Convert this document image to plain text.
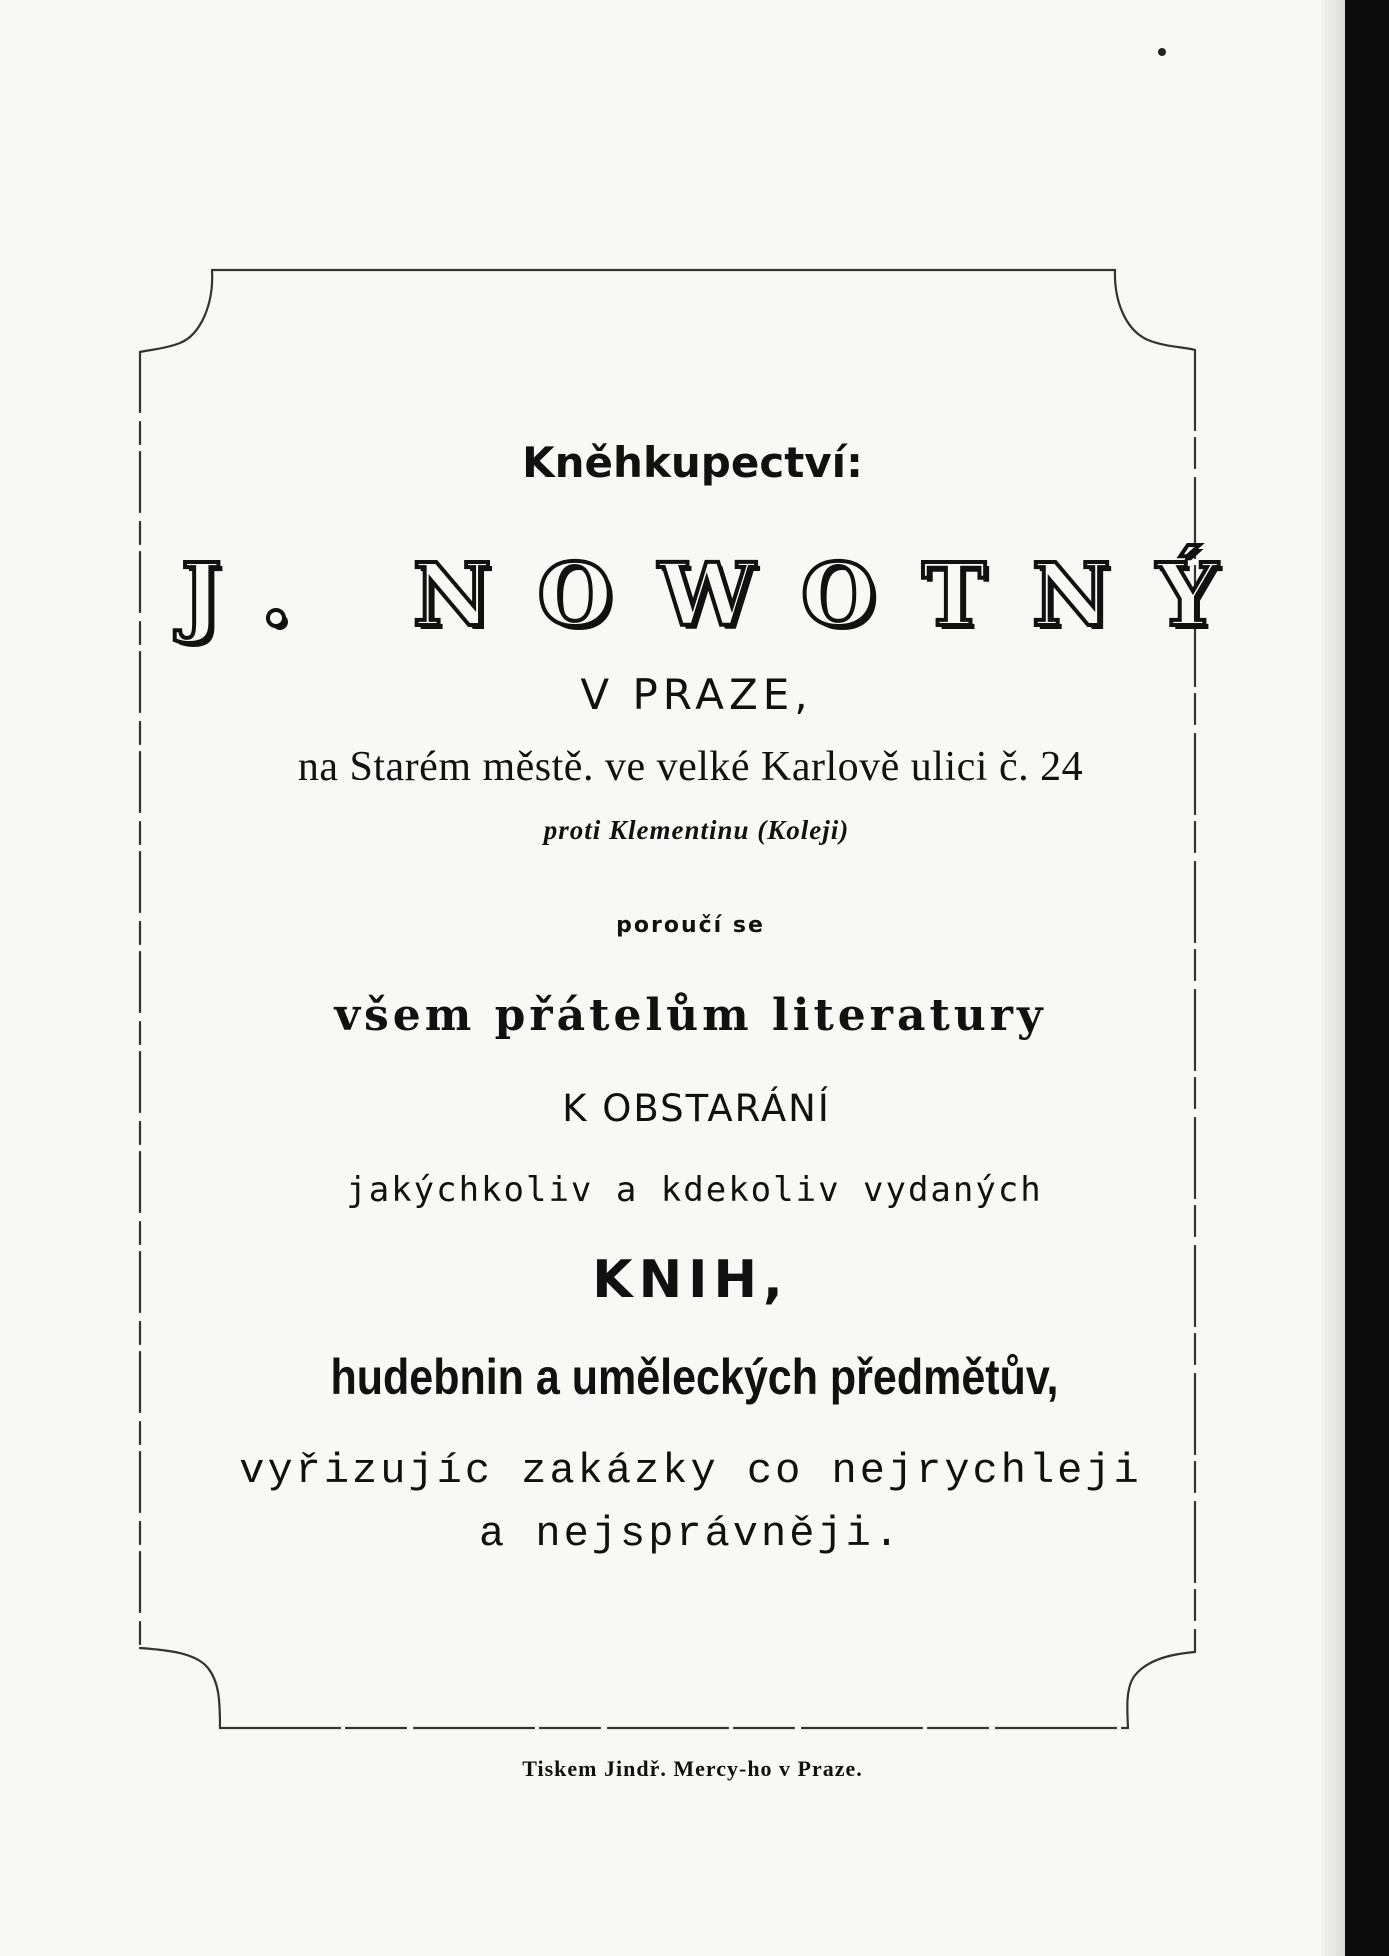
Kněhkupectví:
J. NOWOTNÝ
V PRAZE,
na Starém městě. ve velké Karlově ulici č. 24
proti Klementinu (Koleji)
poroučí se
všem přátelům literatury
K OBSTARÁNÍ
jakýchkoliv a kdekoliv vydaných
KNIH,
hudebnin a uměleckých předmětův,
vyřizujíc zakázky co nejrychleji
a nejsprávněji.
Tiskem Jindř. Mercy-ho v Praze.
